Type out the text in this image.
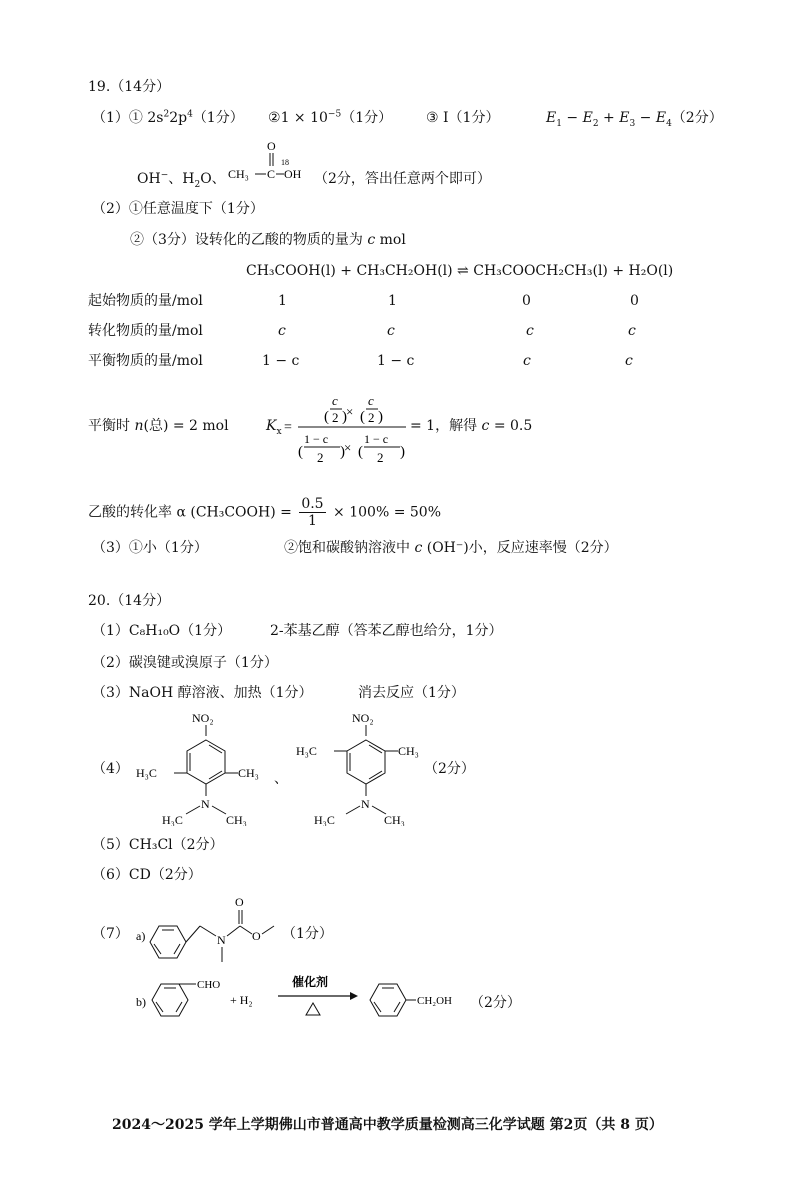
19.（14分）
（1）① $2s^22p^4(1$分） ②1 × $10^{-5}(1$分） ③ I（1分）	$E_1 - E_2 + E_3 - E_4(2$分）
OH−、$H_2O$、 CH₃ C
O
18
OH （2分，答出任意两个即可）
（2）①任意温度下（1分）
②（3分）设转化的乙酸的物质的量为 c mol
CH₃COOH(l) + CH₃CH₂OH(l) ⇌ CH₃COOCH₂CH₃(l) + H₂O(l)
起始物质的量/mol	1	1	0	0
转化物质的量/mol	c	c	c	c
平衡物质的量/mol	1 − c	1 − c	c	c
平衡时 n(总) = 2 mol	$K_x$ =
(
c
2 ) × (
c
2 )
(
1 − c
2 ) × (
1 − c
2 )
= 1，解得 c = 0.5
乙酸的转化率 α (CH₃COOH) = $\frac{0.5}{1} \times 100\% = 50\%$
（3）①小（1分）	②饱和碳酸钠溶液中 c (OH⁻)小，反应速率慢（2分）
20.（14分）
（1）C₈H₁₀O（1分）	2-苯基乙醇（答苯乙醇也给分，1分）
（2）碳溴键或溴原子（1分）
（3）NaOH 醇溶液、加热（1分）	消去反应（1分）
（4）
NO₂
H₃C	CH₃
N
H₃C	CH₃
、
NO₂
H₃C	CH₃
N
H₃C	CH₃
（2分）
（5）CH₃Cl（2分）
（6）CD（2分）
（7） a)	N
O
O （1分）
b)
CHO
+ H₂
催化剂
CH₂OH （2分）
2024～2025 学年上学期佛山市普通高中教学质量检测高三化学试题 第2页（共 8 页）
